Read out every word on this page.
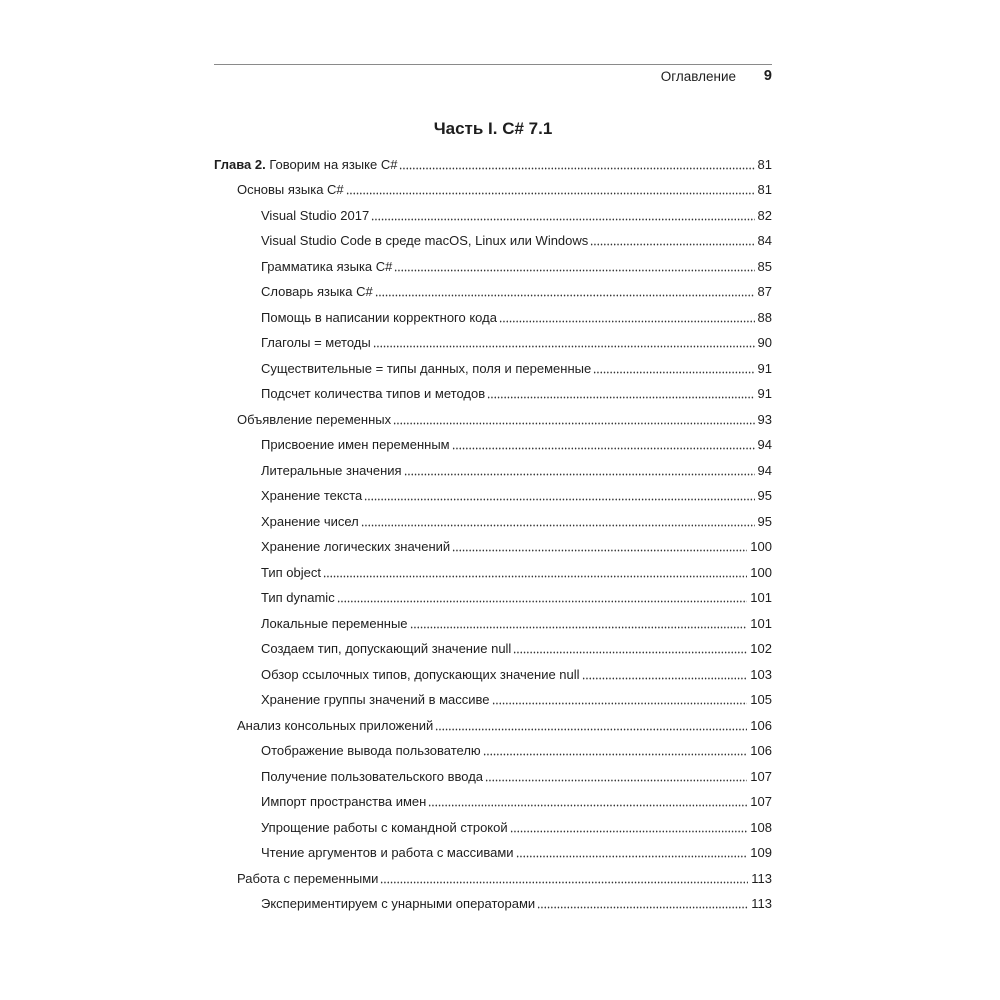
Оглавление 9
Часть I. C# 7.1
Глава 2. Говорим на языке C#	81
Основы языка C#	81
Visual Studio 2017	82
Visual Studio Code в среде macOS, Linux или Windows	84
Грамматика языка C#	85
Словарь языка C#	87
Помощь в написании корректного кода	88
Глаголы = методы	90
Существительные = типы данных, поля и переменные	91
Подсчет количества типов и методов	91
Объявление переменных	93
Присвоение имен переменным	94
Литеральные значения	94
Хранение текста	95
Хранение чисел	95
Хранение логических значений	100
Тип object	100
Тип dynamic	101
Локальные переменные	101
Создаем тип, допускающий значение null	102
Обзор ссылочных типов, допускающих значение null	103
Хранение группы значений в массиве	105
Анализ консольных приложений	106
Отображение вывода пользователю	106
Получение пользовательского ввода	107
Импорт пространства имен	107
Упрощение работы с командной строкой	108
Чтение аргументов и работа с массивами	109
Работа с переменными	113
Экспериментируем с унарными операторами	113
